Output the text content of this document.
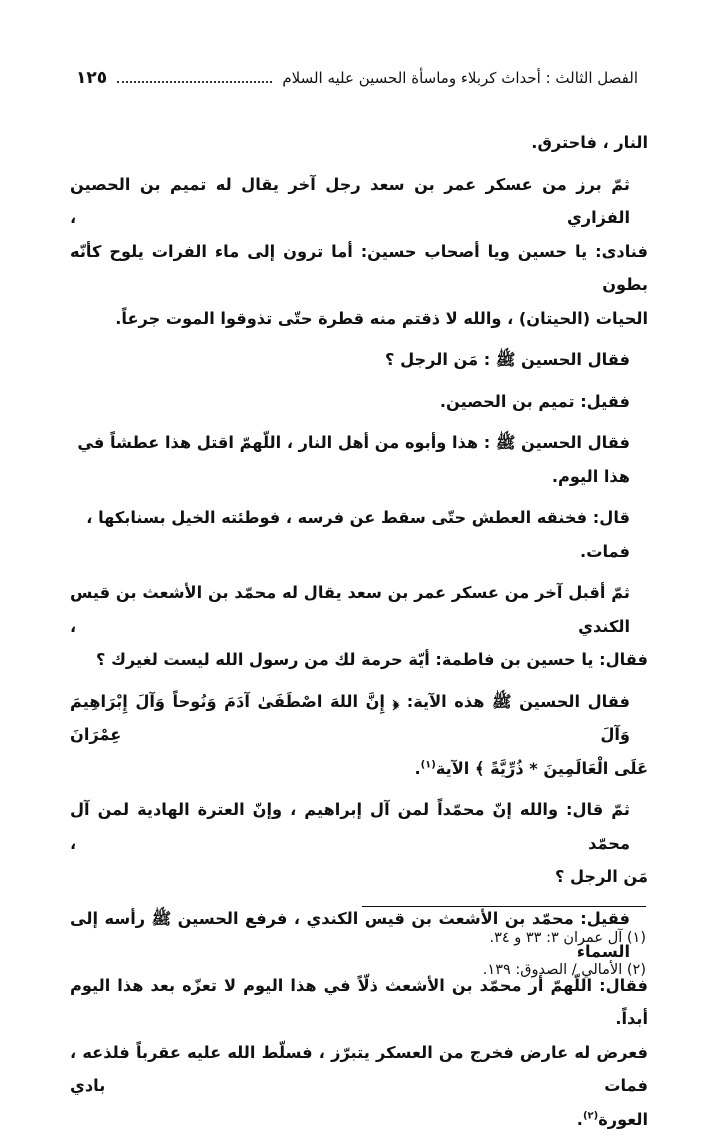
الفصل الثالث : أحداث كربلاء وماسأة الحسين عليه السلام
١٢٥

النار ، فاحترق.

ثمّ برز من عسكر عمر بن سعد رجل آخر يقال له تميم بن الحصين الفزاري ،

فنادى: يا حسين ويا أصحاب حسين: أما ترون إلى ماء الفرات يلوح كأنّه بطون

الحيات (الحيتان) ، والله لا ذقتم منه قطرة حتّى تذوقوا الموت جرعاً.

فقال الحسين ﷺ : مَن الرجل ؟

فقيل: تميم بن الحصين.

فقال الحسين ﷺ : هذا وأبوه من أهل النار ، اللّهمّ اقتل هذا عطشاً في هذا اليوم.

قال: فخنقه العطش حتّى سقط عن فرسه ، فوطئته الخيل بسنابكها ، فمات.

ثمّ أقبل آخر من عسكر عمر بن سعد يقال له محمّد بن الأشعث بن قيس الكندي ،

فقال: يا حسين بن فاطمة: أيّة حرمة لك من رسول الله ليست لغيرك ؟

فقال الحسين ﷺ هذه الآية: ﴿ إِنَّ اللهَ اصْطَفَىٰ آدَمَ وَنُوحاً وَآلَ إِبْرَاهِيمَ وَآلَ عِمْرَانَ

عَلَى الْعَالَمِينَ * ذُرِّيَّةً ﴾ الآية$^{(١)}$.

ثمّ قال: والله إنّ محمّداً لمن آل إبراهيم ، وإنّ العترة الهادية لمن آل محمّد ،

مَن الرجل ؟

فقيل: محمّد بن الأشعث بن قيس الكندي ، فرفع الحسين ﷺ رأسه إلى السماء

فقال: اللّهمّ أر محمّد بن الأشعث ذلّاً في هذا اليوم لا تعزّه بعد هذا اليوم أبداً.

فعرض له عارض فخرج من العسكر يتبرّز ، فسلّط الله عليه عقرباً فلذعه ، فمات بادي

العورة$^{(٢)}$.

(١) آل عمران ٣: ٣٣ و ٣٤.

(٢) الأمالي / الصدوق: ١٣٩.
